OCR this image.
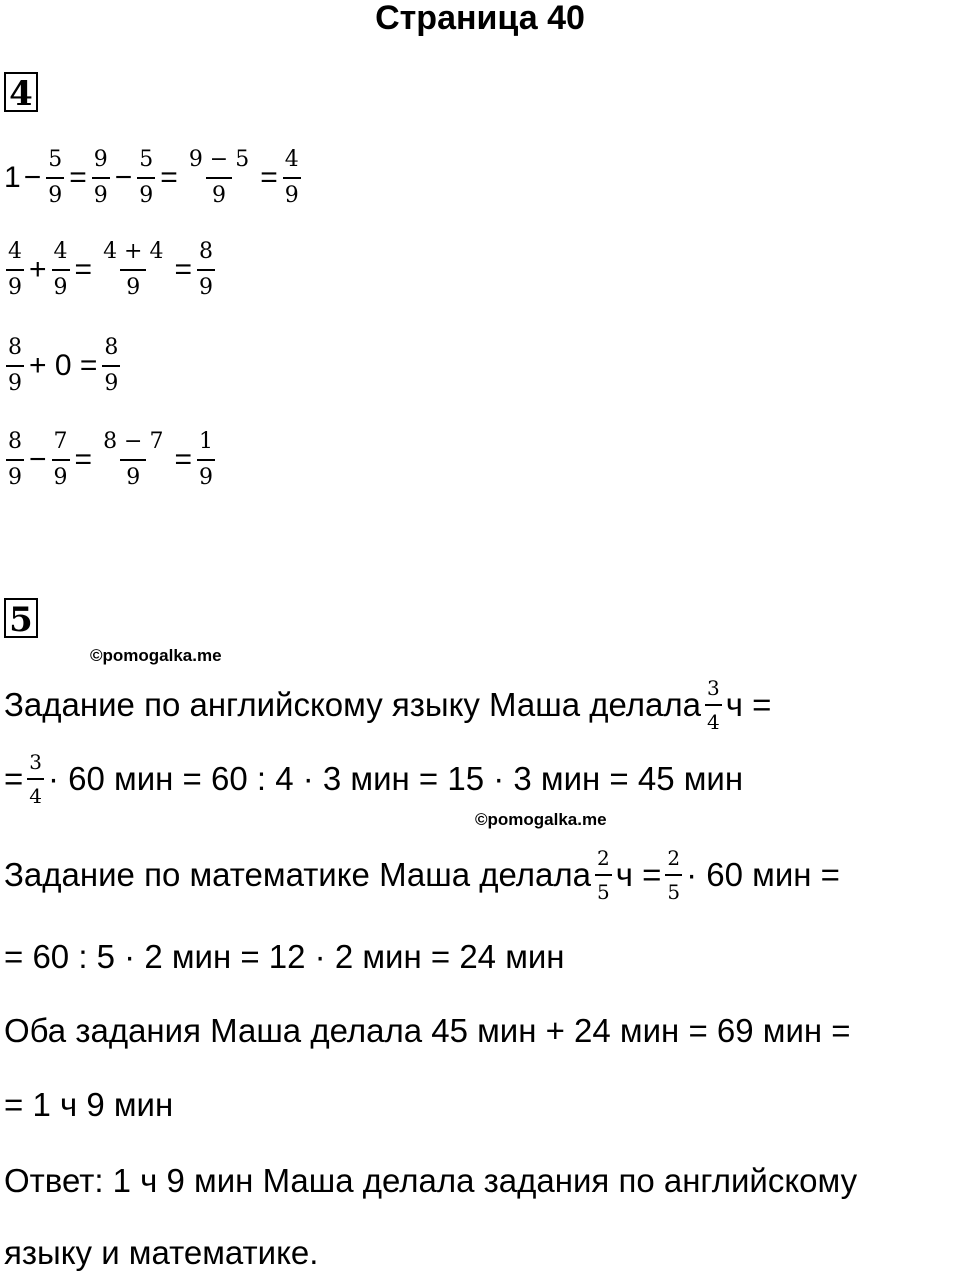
Страница 40
4
$1 - \frac{5}{9} = \frac{9}{9} - \frac{5}{9} = \frac{9 - 5}{9} = \frac{4}{9}$
$\frac{4}{9} + \frac{4}{9} = \frac{4 + 4}{9} = \frac{8}{9}$
$\frac{8}{9} + 0 = \frac{8}{9}$
$\frac{8}{9} - \frac{7}{9} = \frac{8 - 7}{9} = \frac{1}{9}$
5
©pomogalka.me
Задание по английскому языку Маша делала $\frac{3}{4}$ ч =
= $\frac{3}{4} \cdot 60$ мин = 60 : 4 · 3 мин = 15 · 3 мин = 45 мин
©pomogalka.me
Задание по математике Маша делала $\frac{2}{5}$ $ч = \frac{2}{5} \cdot 60$ мин =
= 60 : 5 · 2 мин = 12 · 2 мин = 24 мин
Оба задания Маша делала 45 мин + 24 мин = 69 мин =
= 1 ч 9 мин
Ответ: 1 ч 9 мин Маша делала задания по английскому
языку и математике.
